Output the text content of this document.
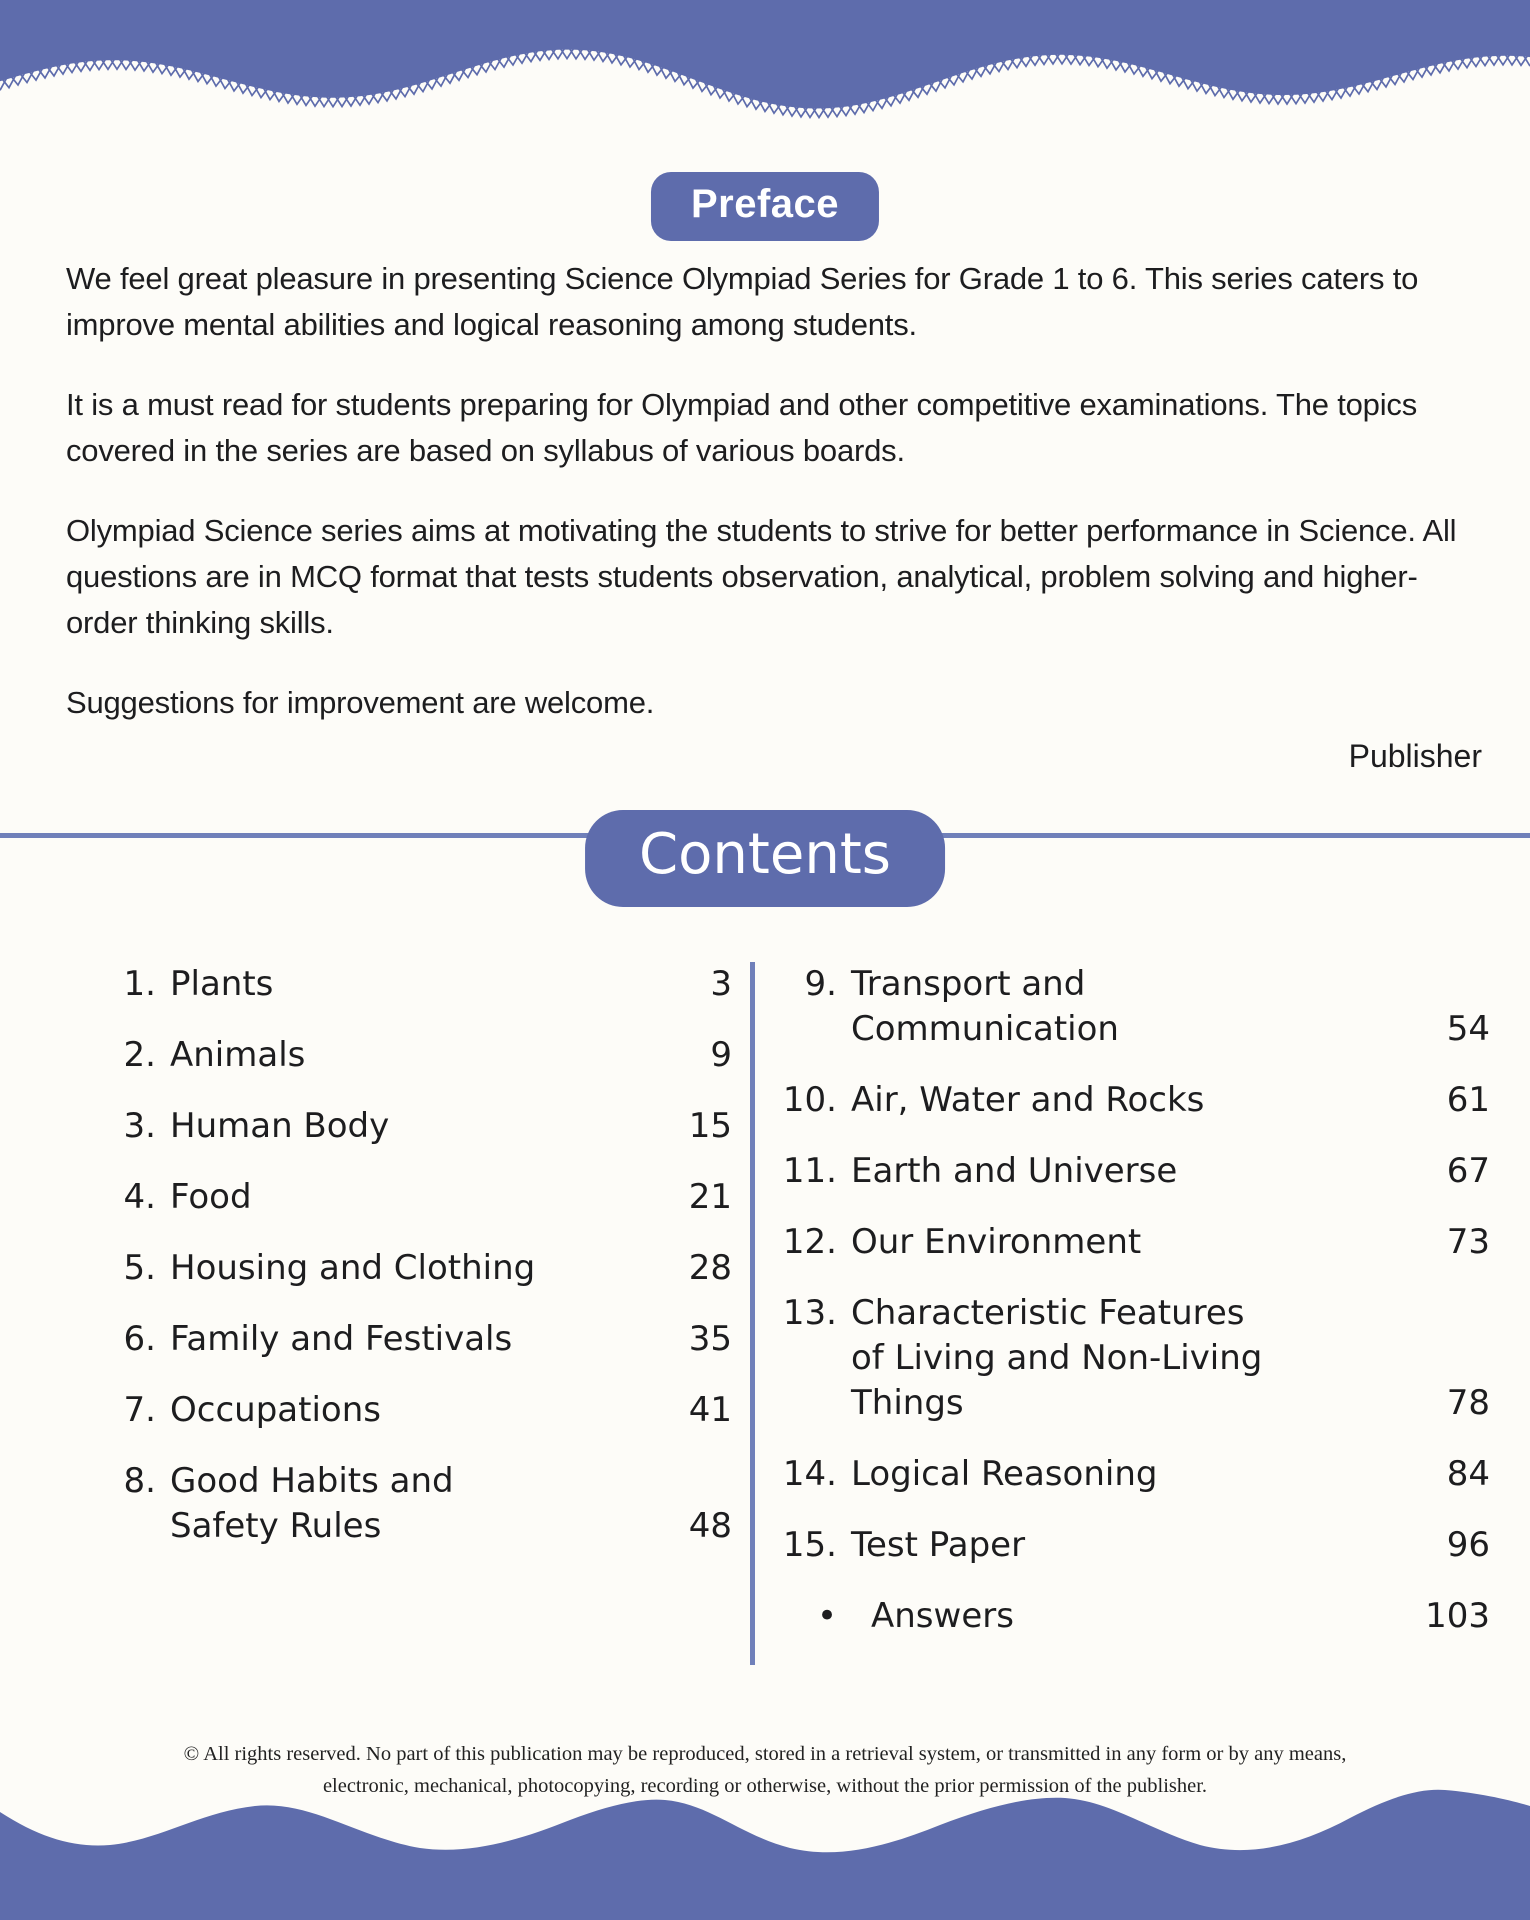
Preface

We feel great pleasure in presenting Science Olympiad Series for Grade 1 to 6. This series caters to improve mental abilities and logical reasoning among students.

It is a must read for students preparing for Olympiad and other competitive examinations. The topics covered in the series are based on syllabus of various boards.

Olympiad Science series aims at motivating the students to strive for better performance in Science. All questions are in MCQ format that tests students observation, analytical, problem solving and higher-order thinking skills.

Suggestions for improvement are welcome.

Publisher
Contents
1. Plants	3
2. Animals	9
3. Human Body	15
4. Food	21
5. Housing and Clothing	28
6. Family and Festivals	35
7. Occupations	41
8. Good Habits and
Safety Rules	48
9. Transport and
Communication	54
10. Air, Water and Rocks	61
11. Earth and Universe	67
12. Our Environment	73
13. Characteristic Features
of Living and Non-Living
Things	78
14. Logical Reasoning	84
15. Test Paper	96
• Answers	103
© All rights reserved. No part of this publication may be reproduced, stored in a retrieval system, or transmitted in any form or by any means,
electronic, mechanical, photocopying, recording or otherwise, without the prior permission of the publisher.
